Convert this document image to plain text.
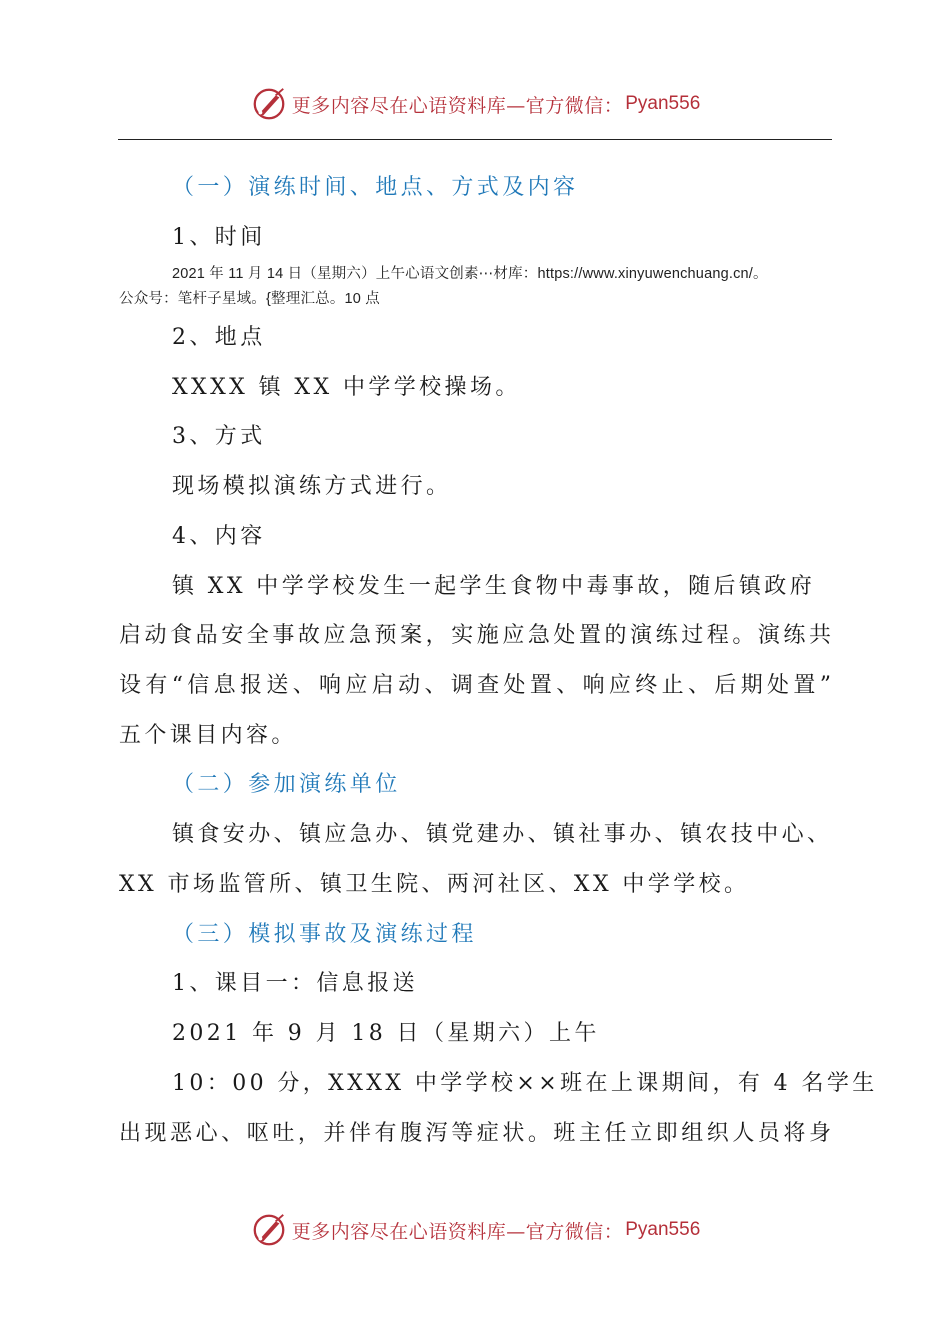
更多内容尽在心语资料库—官方微信： Pyan556
（一）演练时间、地点、方式及内容
1、时间
2021 年 11 月 14 日（星期六）上午心语文创素⋯材库：https://www.xinyuwenchuang.cn/。
公众号：笔杆子星域。{整理汇总。10 点
2、地点
XXXX 镇 XX 中学学校操场。
3、方式
现场模拟演练方式进行。
4、内容
镇 XX 中学学校发生一起学生食物中毒事故，随后镇政府
启动食品安全事故应急预案，实施应急处置的演练过程。演练共
设有“信息报送、响应启动、调查处置、响应终止、后期处置”
五个课目内容。
（二）参加演练单位
镇食安办、镇应急办、镇党建办、镇社事办、镇农技中心、
XX 市场监管所、镇卫生院、两河社区、XX 中学学校。
（三）模拟事故及演练过程
1、课目一：信息报送
2021 年 9 月 18 日（星期六）上午
10：00 分，XXXX 中学学校××班在上课期间，有 4 名学生
出现恶心、呕吐，并伴有腹泻等症状。班主任立即组织人员将身
更多内容尽在心语资料库—官方微信： Pyan556
